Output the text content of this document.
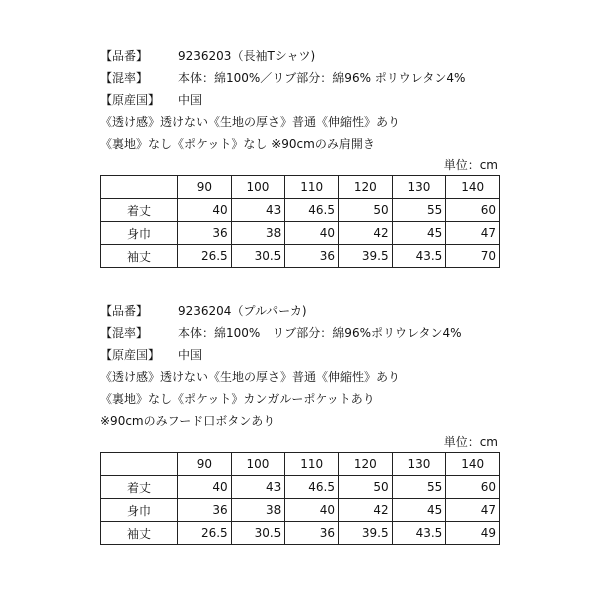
【品番】 9236203（長袖Tシャツ)
【混率】 本体：綿100%／リブ部分：綿96% ポリウレタン4%
【原産国】 中国
《透け感》透けない《生地の厚さ》普通《伸縮性》あり
《裏地》なし《ポケット》なし ※90cmのみ肩開き
単位：cm
	90	100	110	120	130	140
着丈	40	43	46.5	50	55	60
身巾	36	38	40	42	45	47
袖丈	26.5	30.5	36	39.5	43.5	70
【品番】 9236204（プルパーカ)
【混率】 本体：綿100%　リブ部分：綿96%ポリウレタン4%
【原産国】 中国
《透け感》透けない《生地の厚さ》普通《伸縮性》あり
《裏地》なし《ポケット》カンガルーポケットあり
※90cmのみフード口ボタンあり
単位：cm
	90	100	110	120	130	140
着丈	40	43	46.5	50	55	60
身巾	36	38	40	42	45	47
袖丈	26.5	30.5	36	39.5	43.5	49
